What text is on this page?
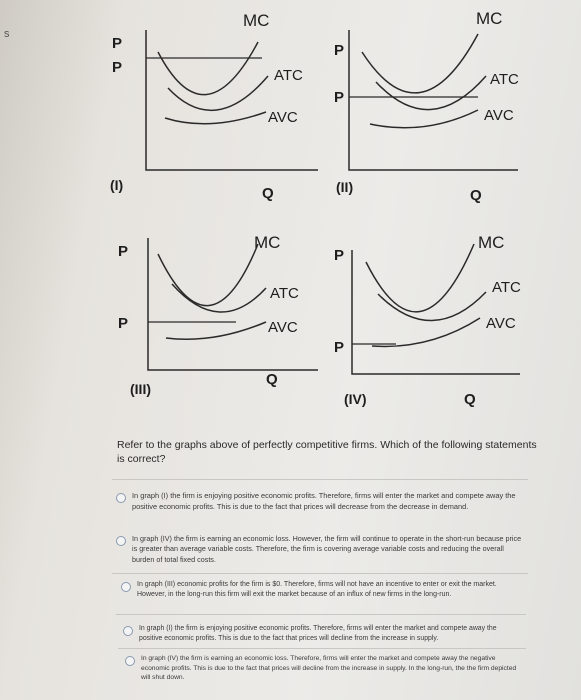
s
MC
P
P	ATC
AVC
(I)	Q
MC
P
P
ATC
AVC
(II)	Q
MC
P
P
ATC
AVC
(III)
Q
MC
P
P
ATC
AVC
(IV)	Q
Refer to the graphs above of perfectly competitive firms. Which of the following statements is correct?
In graph (I) the firm is enjoying positive economic profits. Therefore, firms will enter the market and compete away the positive economic profits. This is due to the fact that prices will decrease from the decrease in demand.
In graph (IV) the firm is earning an economic loss. However, the firm will continue to operate in the short-run because price is greater than average variable costs. Therefore, the firm is covering average variable costs and reducing the overall burden of total fixed costs.
In graph (III) economic profits for the firm is $0. Therefore, firms will not have an incentive to enter or exit the market. However, in the long-run this firm will exit the market because of an influx of new firms in the long-run.
In graph (I) the firm is enjoying positive economic profits. Therefore, firms will enter the market and compete away the positive economic profits. This is due to the fact that prices will decline from the increase in supply.
In graph (IV) the firm is earning an economic loss. Therefore, firms will enter the market and compete away the negative economic profits. This is due to the fact that prices will decline from the increase in supply. In the long-run, the the firm depicted will shut down.
